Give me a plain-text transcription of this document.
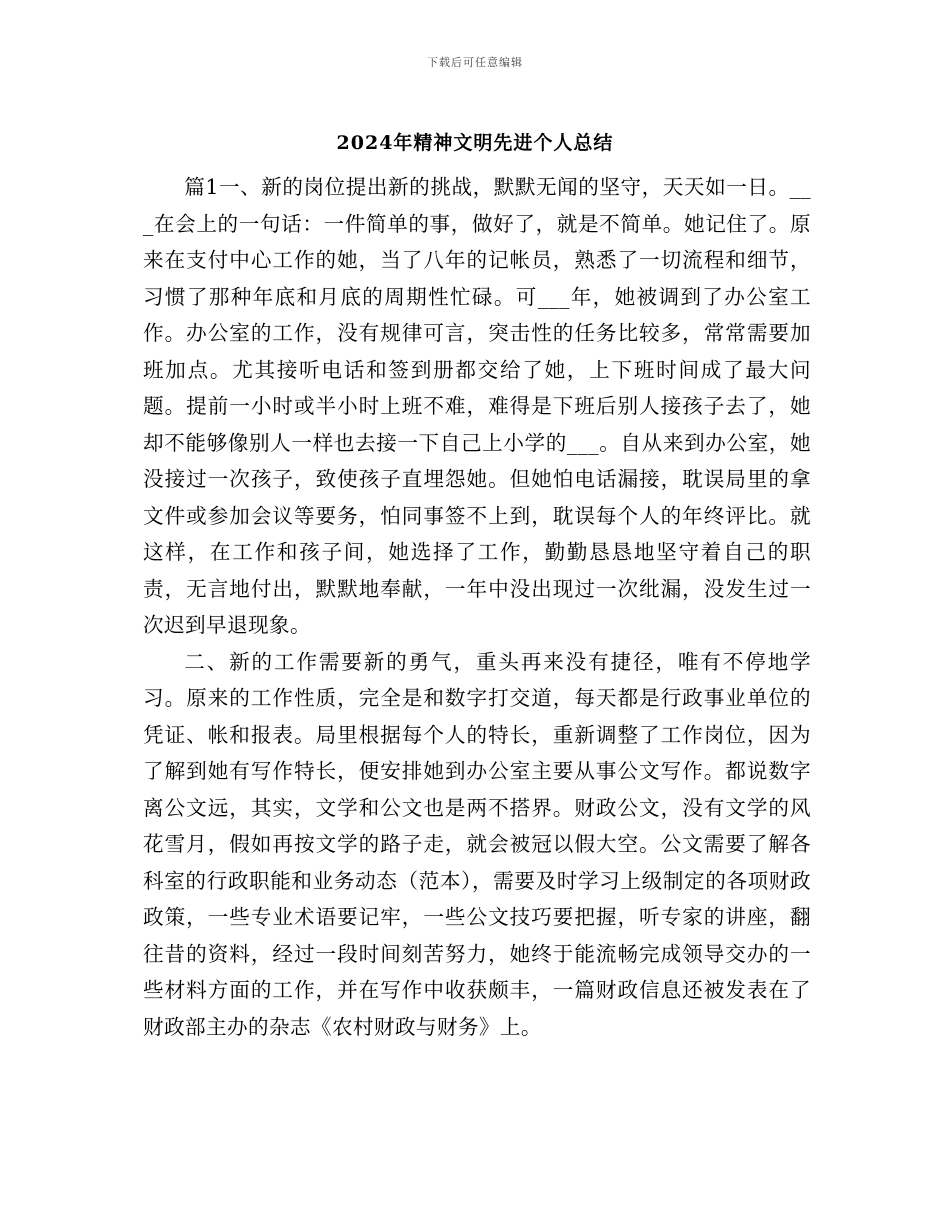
下载后可任意编辑
2024年精神文明先进个人总结

篇1一、新的岗位提出新的挑战，默默无闻的坚守，天天如一日。___在会上的一句话：一件简单的事，做好了，就是不简单。她记住了。原来在支付中心工作的她，当了八年的记帐员，熟悉了一切流程和细节，习惯了那种年底和月底的周期性忙碌。可___年，她被调到了办公室工作。办公室的工作，没有规律可言，突击性的任务比较多，常常需要加班加点。尤其接听电话和签到册都交给了她，上下班时间成了最大问题。提前一小时或半小时上班不难，难得是下班后别人接孩子去了，她却不能够像别人一样也去接一下自己上小学的___。自从来到办公室，她没接过一次孩子，致使孩子直埋怨她。但她怕电话漏接，耽误局里的拿文件或参加会议等要务，怕同事签不上到，耽误每个人的年终评比。就这样，在工作和孩子间，她选择了工作，勤勤恳恳地坚守着自己的职责，无言地付出，默默地奉献，一年中没出现过一次纰漏，没发生过一次迟到早退现象。

二、新的工作需要新的勇气，重头再来没有捷径，唯有不停地学习。原来的工作性质，完全是和数字打交道，每天都是行政事业单位的凭证、帐和报表。局里根据每个人的特长，重新调整了工作岗位，因为了解到她有写作特长，便安排她到办公室主要从事公文写作。都说数字离公文远，其实，文学和公文也是两不搭界。财政公文，没有文学的风花雪月，假如再按文学的路子走，就会被冠以假大空。公文需要了解各科室的行政职能和业务动态（范本），需要及时学习上级制定的各项财政政策，一些专业术语要记牢，一些公文技巧要把握，听专家的讲座，翻往昔的资料，经过一段时间刻苦努力，她终于能流畅完成领导交办的一些材料方面的工作，并在写作中收获颇丰，一篇财政信息还被发表在了财政部主办的杂志《农村财政与财务》上。
